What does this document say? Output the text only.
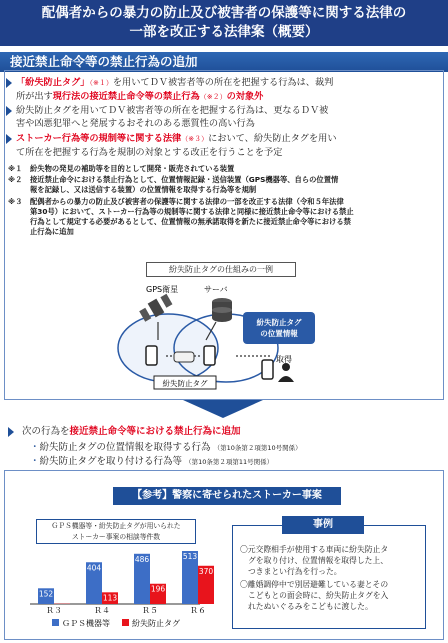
配偶者からの暴力の防止及び被害者の保護等に関する法律の
一部を改正する法律案（概要）
接近禁止命令等の禁止行為の追加
「紛失防止タグ」（※１）を用いてＤＶ被害者等の所在を把握する行為は、裁判
所が出す現行法の接近禁止命令等の禁止行為（※２）の対象外
紛失防止タグを用いてＤＶ被害者等の所在を把握する行為は、更なるＤＶ被
害や凶悪犯罪へと発展するおそれのある悪質性の高い行為
ストーカー行為等の規制等に関する法律（※３）において、紛失防止タグを用い
て所在を把握する行為を規制の対象とする改正を行うことを予定
※１	紛失物の発見の補助等を目的として開発・販売されている装置
※２	接近禁止命令における禁止行為として、位置情報記録・送信装置（GPS機器等、自らの位置情
報を記録し、又は送信する装置）の位置情報を取得する行為等を規制
※３	配偶者からの暴力の防止及び被害者の保護等に関する法律の一部を改正する法律（令和５年法律
第30号）において、ストーカー行為等の規制等に関する法律と同様に接近禁止命令等における禁止
行為として規定する必要があるとして、位置情報の無承諾取得を新たに接近禁止命令等における禁
止行為に追加
紛失防止タグの仕組みの一例
GPS衛星	サーバ
取得
紛失防止タグ
紛失防止タグ
の位置情報
次の行為を接近禁止命令等における禁止行為に追加
・紛失防止タグの位置情報を取得する行為 （第10条第２項第10号関係）
・紛失防止タグを取り付ける行為等 （第10条第２項第11号関係）
【参考】警察に寄せられたストーカー事案
ＧＰＳ機器等・紛失防止タグが用いられた
ストーカー事案の相談等件数
152
3
Ｒ３
404
113
Ｒ４
486
196
Ｒ５
513
370
Ｒ６
ＧＰＳ機器等	紛失防止タグ
事例
〇元交際相手が使用する車両に紛失防止タ
グを取り付け、位置情報を取得した上、
つきまとい行為を行った。
〇離婚調停中で別居避難している妻とその
こどもとの面会時に、紛失防止タグを入
れたぬいぐるみをこどもに渡した。
